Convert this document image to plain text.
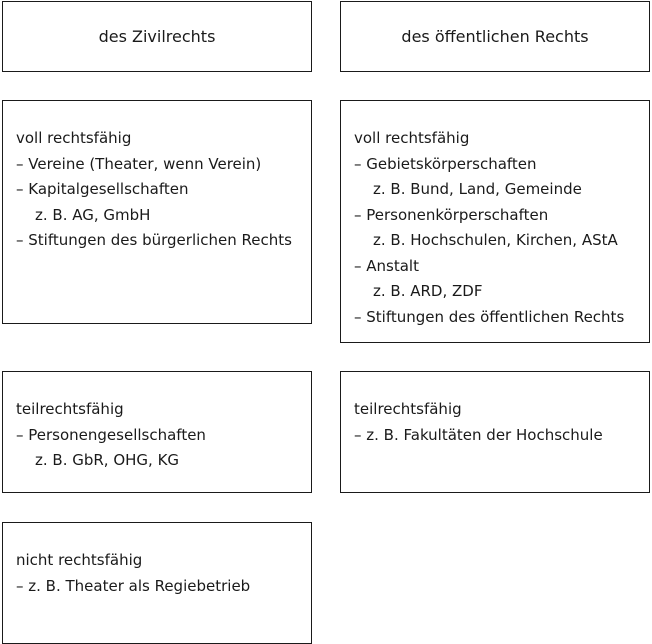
des Zivilrechts	des öffentlichen Rechts
voll rechtsfähig
– Vereine (Theater, wenn Verein)
– Kapitalgesellschaften
z. B. AG, GmbH
– Stiftungen des bürgerlichen Rechts
voll rechtsfähig
– Gebietskörperschaften
z. B. Bund, Land, Gemeinde
– Personenkörperschaften
z. B. Hochschulen, Kirchen, AStA
– Anstalt
z. B. ARD, ZDF
– Stiftungen des öffentlichen Rechts
teilrechtsfähig
– Personengesellschaften
z. B. GbR, OHG, KG
teilrechtsfähig
– z. B. Fakultäten der Hochschule
nicht rechtsfähig
– z. B. Theater als Regiebetrieb
